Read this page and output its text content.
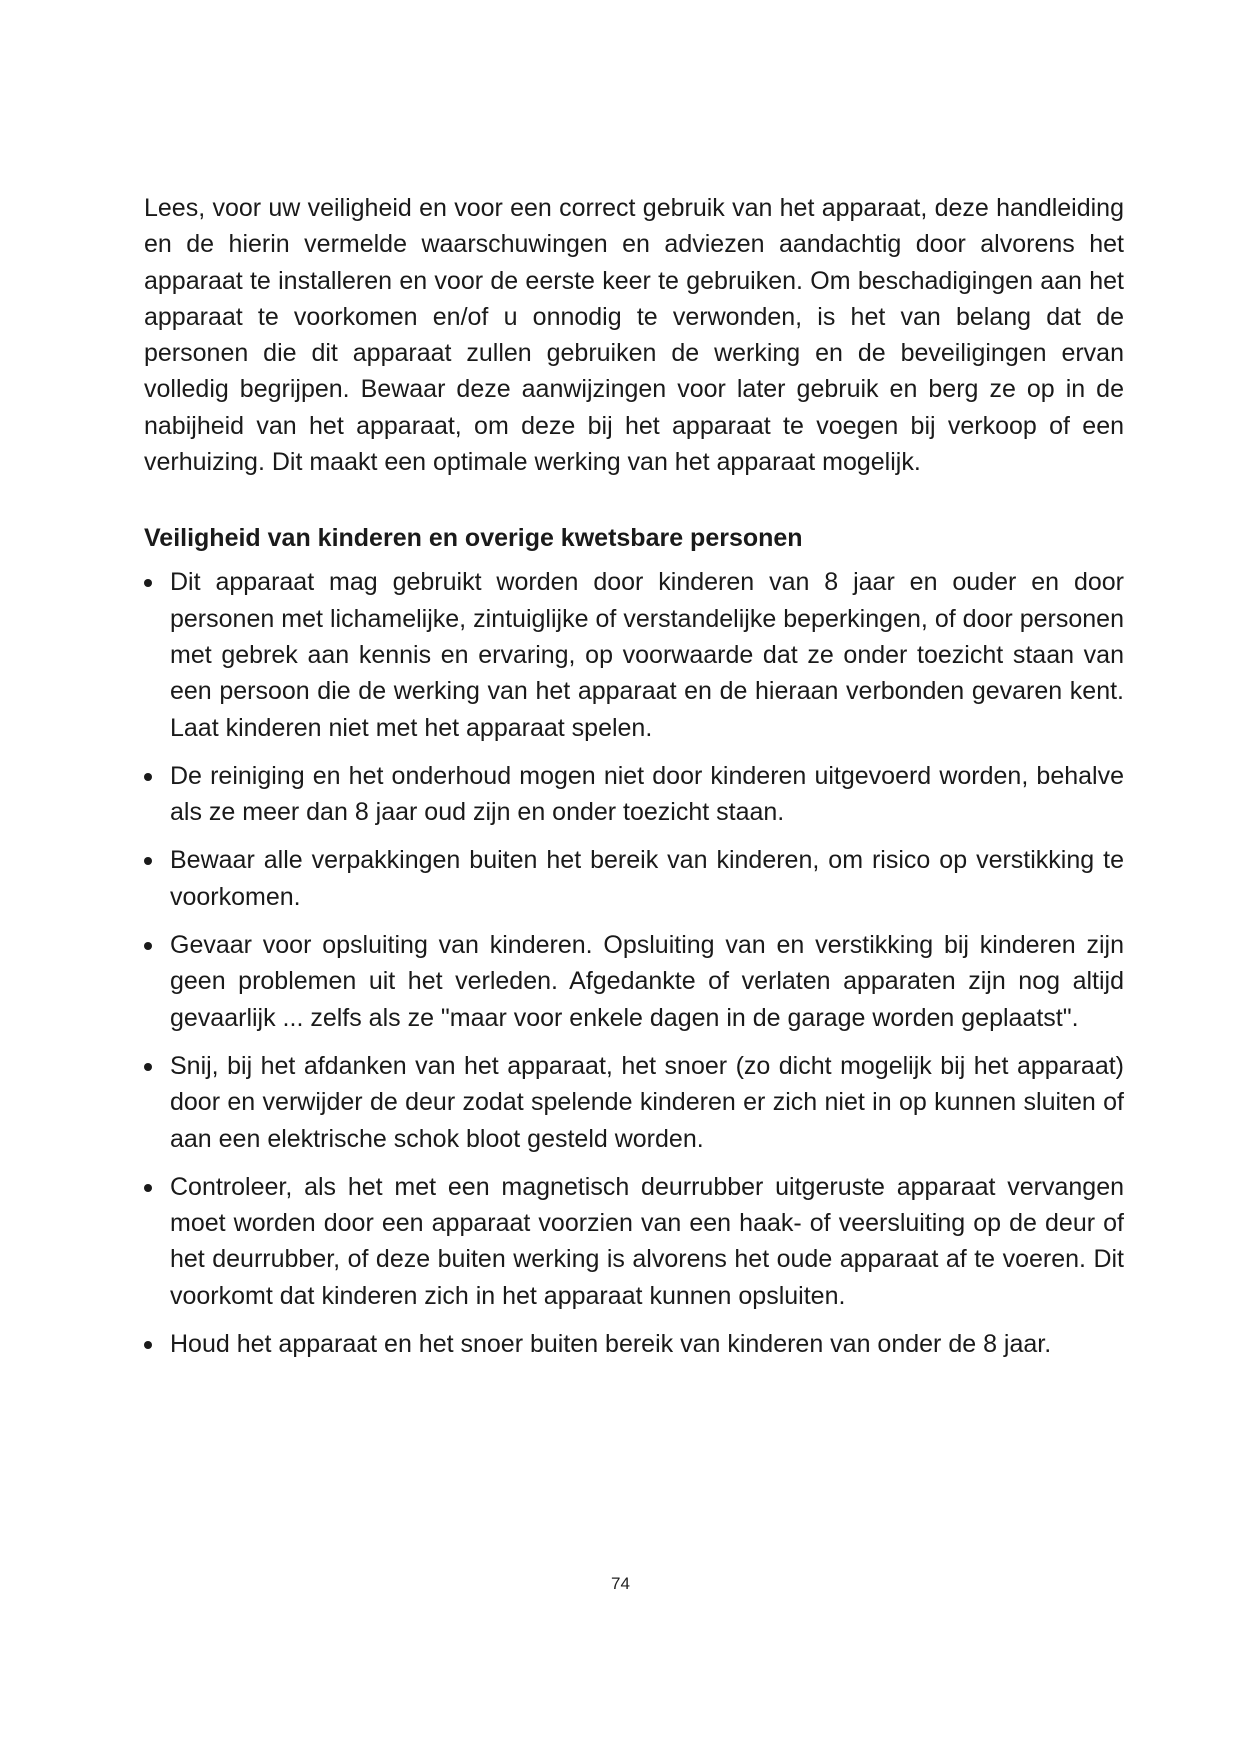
Lees, voor uw veiligheid en voor een correct gebruik van het apparaat, deze handleiding en de hierin vermelde waarschuwingen en adviezen aandachtig door alvorens het apparaat te installeren en voor de eerste keer te gebruiken. Om beschadigingen aan het apparaat te voorkomen en/of u onnodig te verwonden, is het van belang dat de personen die dit apparaat zullen gebruiken de werking en de beveiligingen ervan volledig begrijpen. Bewaar deze aanwijzingen voor later gebruik en berg ze op in de nabijheid van het apparaat, om deze bij het apparaat te voegen bij verkoop of een verhuizing. Dit maakt een optimale werking van het apparaat mogelijk.

Veiligheid van kinderen en overige kwetsbare personen
Dit apparaat mag gebruikt worden door kinderen van 8 jaar en ouder en door personen met lichamelijke, zintuiglijke of verstandelijke beperkingen, of door personen met gebrek aan kennis en ervaring, op voorwaarde dat ze onder toezicht staan van een persoon die de werking van het apparaat en de hieraan verbonden gevaren kent. Laat kinderen niet met het apparaat spelen.
De reiniging en het onderhoud mogen niet door kinderen uitgevoerd worden, behalve als ze meer dan 8 jaar oud zijn en onder toezicht staan.
Bewaar alle verpakkingen buiten het bereik van kinderen, om risico op verstikking te voorkomen.
Gevaar voor opsluiting van kinderen. Opsluiting van en verstikking bij kinderen zijn geen problemen uit het verleden. Afgedankte of verlaten apparaten zijn nog altijd gevaarlijk ... zelfs als ze "maar voor enkele dagen in de garage worden geplaatst".
Snij, bij het afdanken van het apparaat, het snoer (zo dicht mogelijk bij het apparaat) door en verwijder de deur zodat spelende kinderen er zich niet in op kunnen sluiten of aan een elektrische schok bloot gesteld worden.
Controleer, als het met een magnetisch deurrubber uitgeruste apparaat vervangen moet worden door een apparaat voorzien van een haak- of veersluiting op de deur of het deurrubber, of deze buiten werking is alvorens het oude apparaat af te voeren. Dit voorkomt dat kinderen zich in het apparaat kunnen opsluiten.
Houd het apparaat en het snoer buiten bereik van kinderen van onder de 8 jaar.
74
